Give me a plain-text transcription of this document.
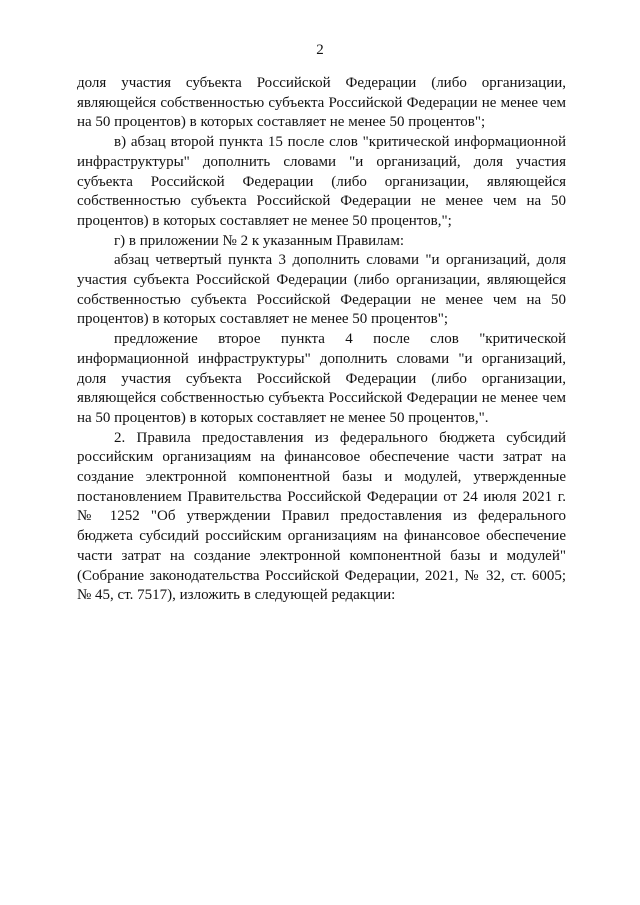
2

доля участия субъекта Российской Федерации (либо организации, являющейся собственностью субъекта Российской Федерации не менее чем на 50 процентов) в которых составляет не менее 50 процентов";

в) абзац второй пункта 15 после слов "критической информационной инфраструктуры" дополнить словами "и организаций, доля участия субъекта Российской Федерации (либо организации, являющейся собственностью субъекта Российской Федерации не менее чем на 50 процентов) в которых составляет не менее 50 процентов,";

г) в приложении № 2 к указанным Правилам:

абзац четвертый пункта 3 дополнить словами "и организаций, доля участия субъекта Российской Федерации (либо организации, являющейся собственностью субъекта Российской Федерации не менее чем на 50 процентов) в которых составляет не менее 50 процентов";

предложение второе пункта 4 после слов "критической информационной инфраструктуры" дополнить словами "и организаций, доля участия субъекта Российской Федерации (либо организации, являющейся собственностью субъекта Российской Федерации не менее чем на 50 процентов) в которых составляет не менее 50 процентов,".

2. Правила предоставления из федерального бюджета субсидий российским организациям на финансовое обеспечение части затрат на создание электронной компонентной базы и модулей, утвержденные постановлением Правительства Российской Федерации от 24 июля 2021 г. № 1252 "Об утверждении Правил предоставления из федерального бюджета субсидий российским организациям на финансовое обеспечение части затрат на создание электронной компонентной базы и модулей" (Собрание законодательства Российской Федерации, 2021, № 32, ст. 6005; № 45, ст. 7517), изложить в следующей редакции:
